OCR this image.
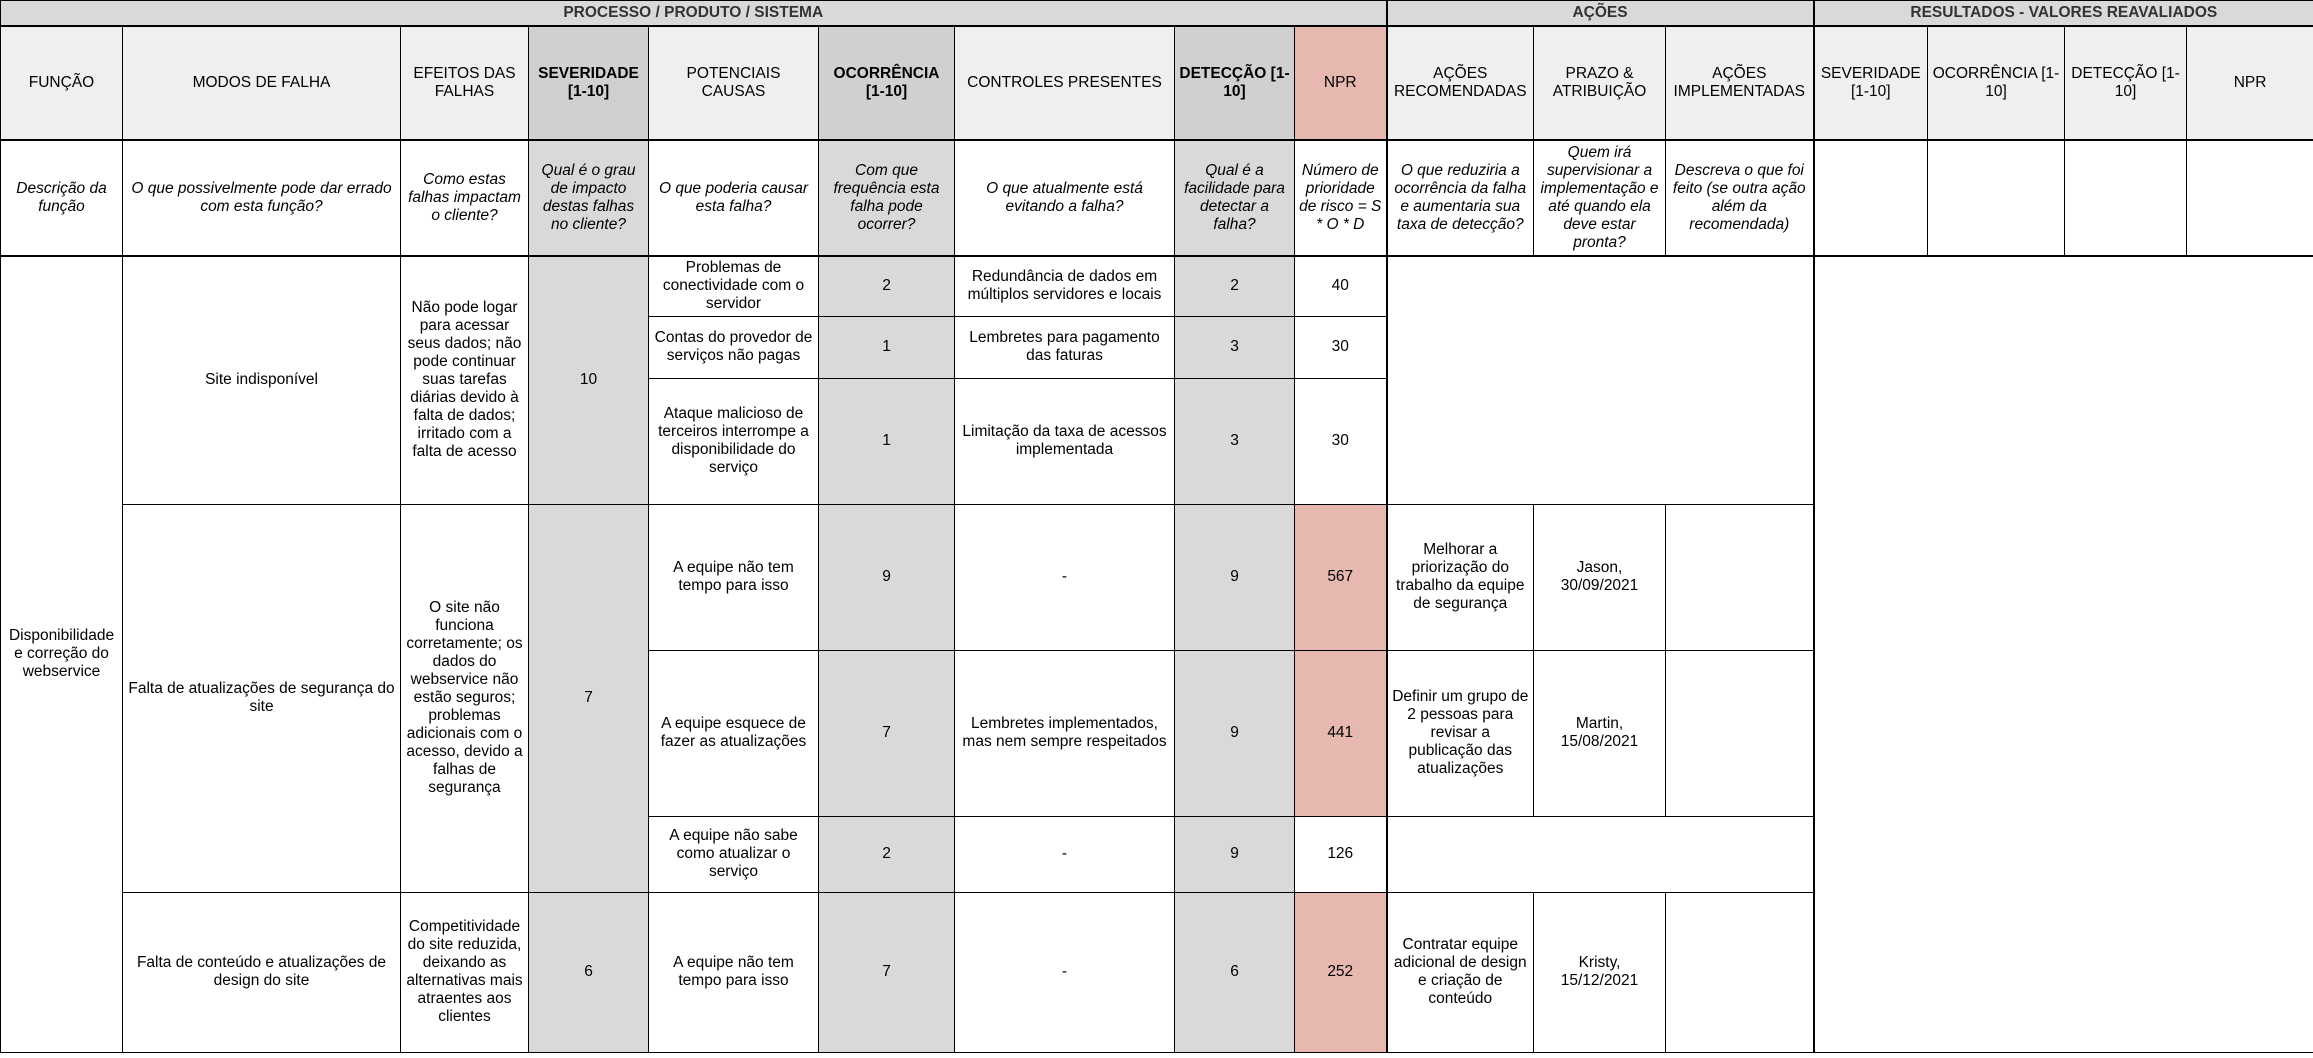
PROCESSO / PRODUTO / SISTEMA									AÇÕES			RESULTADOS - VALORES REAVALIADOS			
FUNÇÃO	MODOS DE FALHA	EFEITOS DAS FALHAS	SEVERIDADE [1-10]	POTENCIAIS CAUSAS	OCORRÊNCIA [1-10]	CONTROLES PRESENTES	DETECÇÃO [1-10]	NPR	AÇÕES RECOMENDADAS	PRAZO & ATRIBUIÇÃO	AÇÕES IMPLEMENTADAS	SEVERIDADE [1-10]	OCORRÊNCIA [1-10]	DETECÇÃO [1-10]	NPR
Descrição da função	O que possivelmente pode dar errado com esta função?	Como estas falhas impactam o cliente?	Qual é o grau de impacto destas falhas no cliente?	O que poderia causar esta falha?	Com que frequência esta falha pode ocorrer?	O que atualmente está evitando a falha?	Qual é a facilidade para detectar a falha?	Número de prioridade de risco = S * O * D	O que reduziria a ocorrência da falha e aumentaria sua taxa de detecção?	Quem irá supervisionar a implementação e até quando ela deve estar pronta?	Descreva o que foi feito (se outra ação além da recomendada)				
Disponibilidade e correção do webservice	Site indisponível	Não pode logar para acessar seus dados; não pode continuar suas tarefas diárias devido à falta de dados; irritado com a falta de acesso	10	Problemas de conectividade com o servidor	2	Redundância de dados em múltiplos servidores e locais	2	40							
				Contas do provedor de serviços não pagas	1	Lembretes para pagamento das faturas	3	30							
				Ataque malicioso de terceiros interrompe a disponibilidade do serviço	1	Limitação da taxa de acessos implementada	3	30							
	Falta de atualizações de segurança do site	O site não funciona corretamente; os dados do webservice não estão seguros; problemas adicionais com o acesso, devido a falhas de segurança	7	A equipe não tem tempo para isso	9	-	9	567	Melhorar a priorização do trabalho da equipe de segurança	Jason, 30/09/2021					
				A equipe esquece de fazer as atualizações	7	Lembretes implementados, mas nem sempre respeitados	9	441	Definir um grupo de 2 pessoas para revisar a publicação das atualizações	Martin, 15/08/2021					
				A equipe não sabe como atualizar o serviço	2	-	9	126							
	Falta de conteúdo e atualizações de design do site	Competitividade do site reduzida, deixando as alternativas mais atraentes aos clientes	6	A equipe não tem tempo para isso	7	-	6	252	Contratar equipe adicional de design e criação de conteúdo	Kristy, 15/12/2021					
